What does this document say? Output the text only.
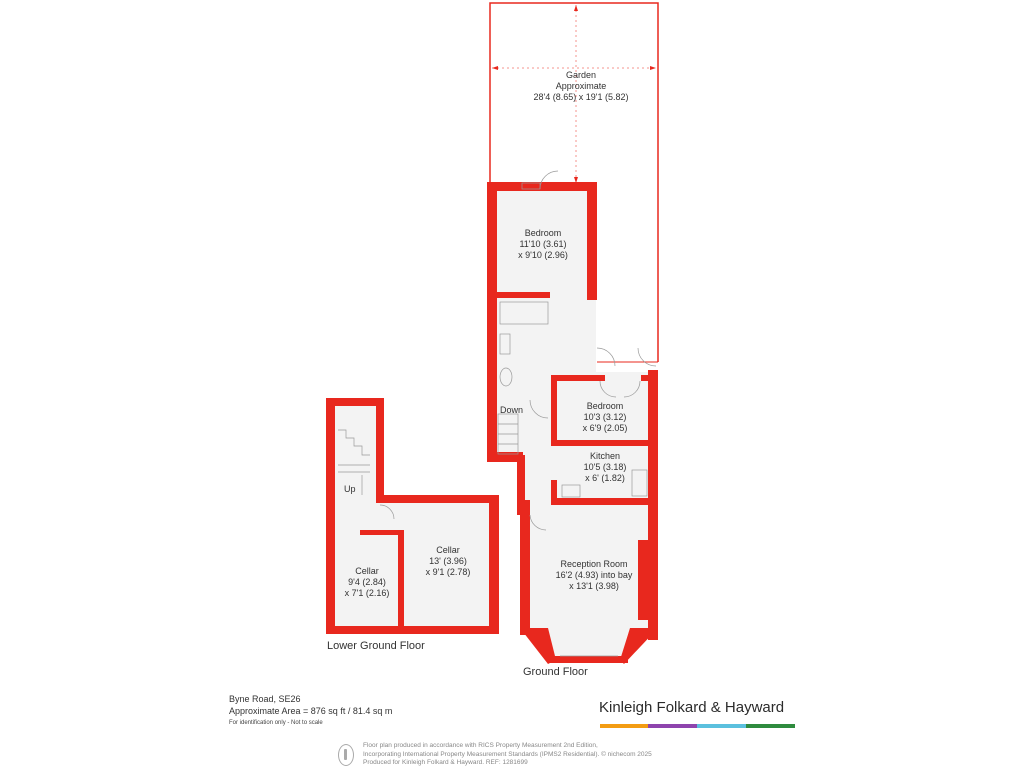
Garden
Approximate
28'4 (8.65) x 19'1 (5.82)
Bedroom
11'10 (3.61)
x 9'10 (2.96)
Bedroom
10'3 (3.12)
x 6'9 (2.05)
Kitchen
10'5 (3.18)
x 6' (1.82)
Reception Room
16'2 (4.93) into bay
x 13'1 (3.98)
Cellar
9'4 (2.84)
x 7'1 (2.16)
Cellar
13' (3.96)
x 9'1 (2.78)
Down
Up
Lower Ground Floor
Ground Floor
Byne Road, SE26
Approximate Area = 876 sq ft / 81.4 sq m
For identification only - Not to scale
Kinleigh Folkard & Hayward
Floor plan produced in accordance with RICS Property Measurement 2nd Edition,
Incorporating International Property Measurement Standards (IPMS2 Residential). © nichecom 2025
Produced for Kinleigh Folkard & Hayward. REF: 1281699
